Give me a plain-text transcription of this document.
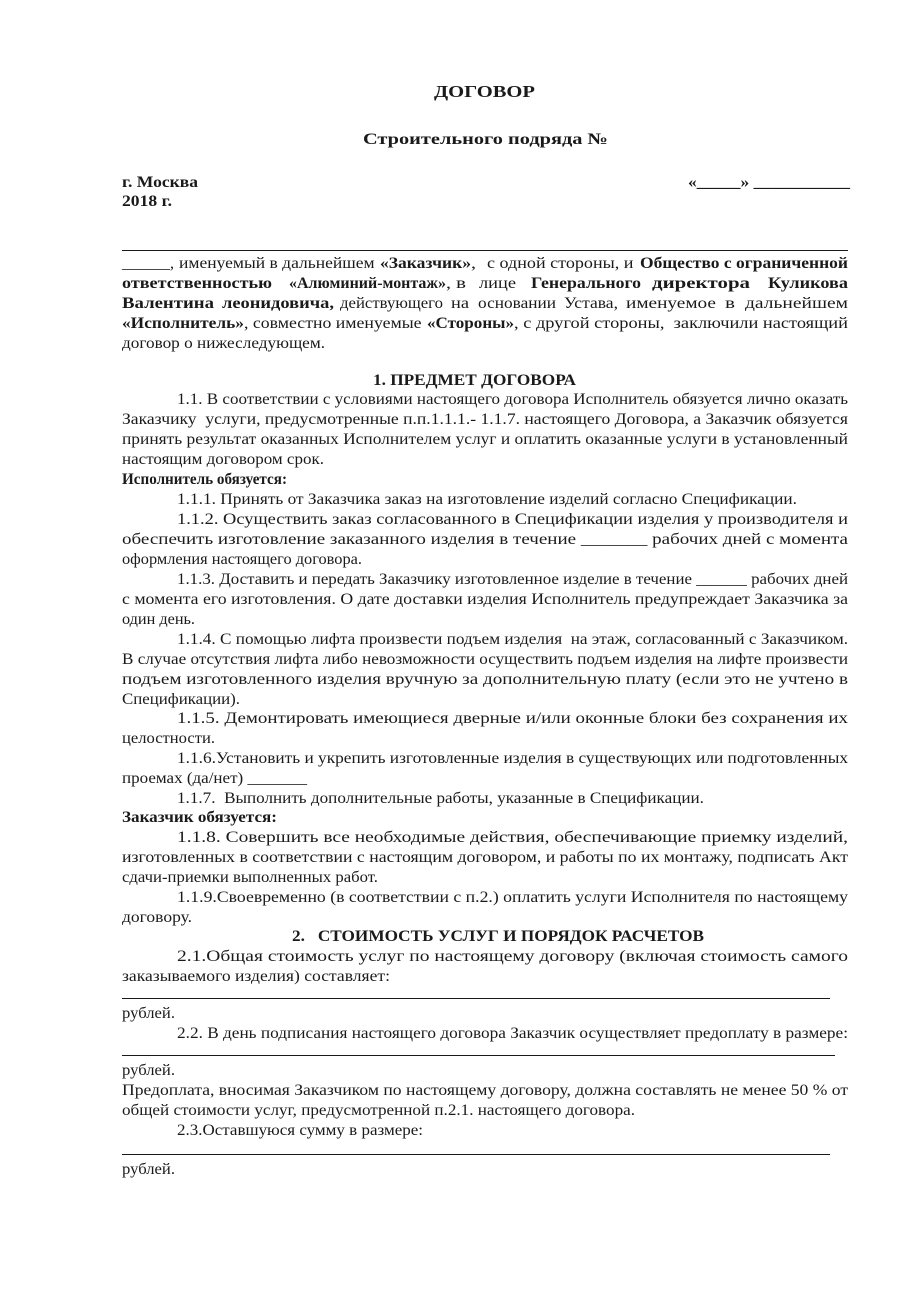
ДОГОВОР
Строительного подряда №
г. Москва
2018 г.
«_____» ___________
______, именуемый в дальнейшем «Заказчик» , с одной стороны, и Общество с ограниченной
ответственностью «Алюминий-монтаж» , в лице Генерального директора Куликова
Валентина леонидовича, действующего на основании Устава, именуемое в дальнейшем
«Исполнитель» , совместно именуемые «Стороны» , с другой стороны,  заключили настоящий
договор о нижеследующем.
1. ПРЕДМЕТ ДОГОВОРА
1.1. В соответствии с условиями настоящего договора Исполнитель обязуется лично оказать
Заказчику  услуги, предусмотренные п.п.1.1.1.- 1.1.7. настоящего Договора, а Заказчик обязуется
принять результат оказанных Исполнителем услуг и оплатить оказанные услуги в установленный
настоящим договором срок.
Исполнитель обязуется:
1.1.1. Принять от Заказчика заказ на изготовление изделий согласно Спецификации.
1.1.2. Осуществить заказ согласованного в Спецификации изделия у производителя и
обеспечить изготовление заказанного изделия в течение _______ рабочих дней с момента
оформления настоящего договора.
1.1.3. Доставить и передать Заказчику изготовленное изделие в течение ______ рабочих дней
с момента его изготовления. О дате доставки изделия Исполнитель предупреждает Заказчика за
один день.
1.1.4. С помощью лифта произвести подъем изделия  на этаж, согласованный с Заказчиком.
В случае отсутствия лифта либо невозможности осуществить подъем изделия на лифте произвести
подъем изготовленного изделия вручную за дополнительную плату (если это не учтено в
Спецификации).
1.1.5. Демонтировать имеющиеся дверные и/или оконные блоки без сохранения их
целостности.
1.1.6.Установить и укрепить изготовленные изделия в существующих или подготовленных
проемах (да/нет) _______
1.1.7.  Выполнить дополнительные работы, указанные в Спецификации.
Заказчик обязуется:
1.1.8. Совершить все необходимые действия, обеспечивающие приемку изделий,
изготовленных в соответствии с настоящим договором, и работы по их монтажу, подписать Акт
сдачи-приемки выполненных работ.
1.1.9.Своевременно (в соответствии с п.2.) оплатить услуги Исполнителя по настоящему
договору.
2.   СТОИМОСТЬ УСЛУГ И ПОРЯДОК РАСЧЕТОВ
2.1.Общая стоимость услуг по настоящему договору (включая стоимость самого
заказываемого изделия) составляет:
рублей.
2.2. В день подписания настоящего договора Заказчик осуществляет предоплату в размере:
рублей.
Предоплата, вносимая Заказчиком по настоящему договору, должна составлять не менее 50 % от
общей стоимости услуг, предусмотренной п.2.1. настоящего договора.
2.3.Оставшуюся сумму в размере:
рублей.
